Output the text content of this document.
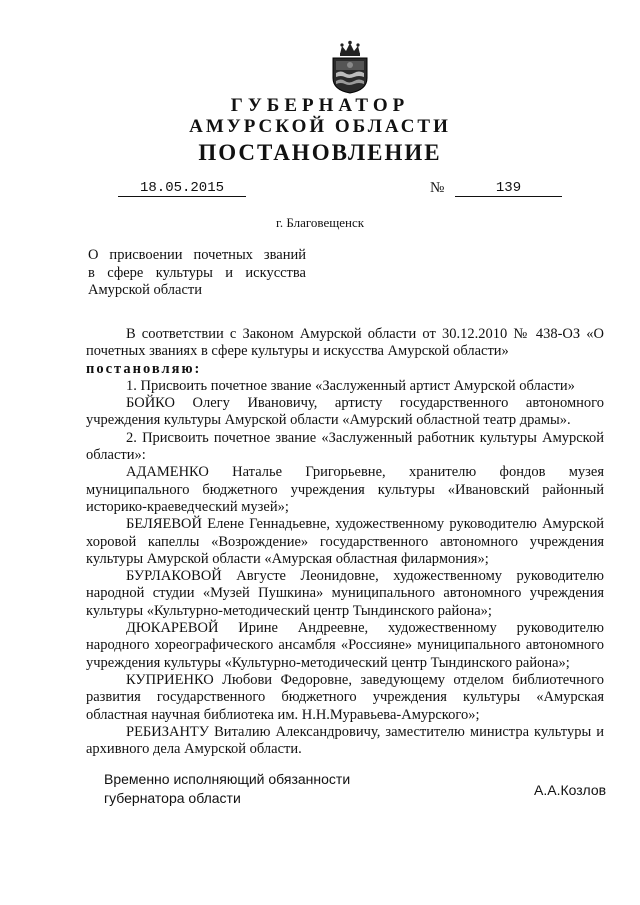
ГУБЕРНАТОР
АМУРСКОЙ ОБЛАСТИ
ПОСТАНОВЛЕНИЕ
18.05.2015	№	139
г. Благовещенск
О присвоении почетных званий
в сфере культуры и искусства
Амурской области

В соответствии с Законом Амурской области от 30.12.2010 № 438-ОЗ «О почетных званиях в сфере культуры и искусства Амурской области»

постановляю:

1. Присвоить почетное звание «Заслуженный артист Амурской области»

БОЙКО Олегу Ивановичу, артисту государственного автономного учреждения культуры Амурской области «Амурский областной театр драмы».

2. Присвоить почетное звание «Заслуженный работник культуры Амурской области»:

АДАМЕНКО Наталье Григорьевне, хранителю фондов музея муниципального бюджетного учреждения культуры «Ивановский районный историко-краеведческий музей»;

БЕЛЯЕВОЙ Елене Геннадьевне, художественному руководителю Амурской хоровой капеллы «Возрождение» государственного автономного учреждения культуры Амурской области «Амурская областная филармония»;

БУРЛАКОВОЙ Августе Леонидовне, художественному руководителю народной студии «Музей Пушкина» муниципального автономного учреждения культуры «Культурно-методический центр Тындинского района»;

ДЮКАРЕВОЙ Ирине Андреевне, художественному руководителю народного хореографического ансамбля «Россияне» муниципального автономного учреждения культуры «Культурно-методический центр Тындинского района»;

КУПРИЕНКО Любови Федоровне, заведующему отделом библиотечного развития государственного бюджетного учреждения культуры «Амурская областная научная библиотека им. Н.Н.Муравьева-Амурского»;

РЕБИЗАНТУ Виталию Александровичу, заместителю министра культуры и архивного дела Амурской области.

Временно исполняющий обязанности
губернатора области	А.А.Козлов
